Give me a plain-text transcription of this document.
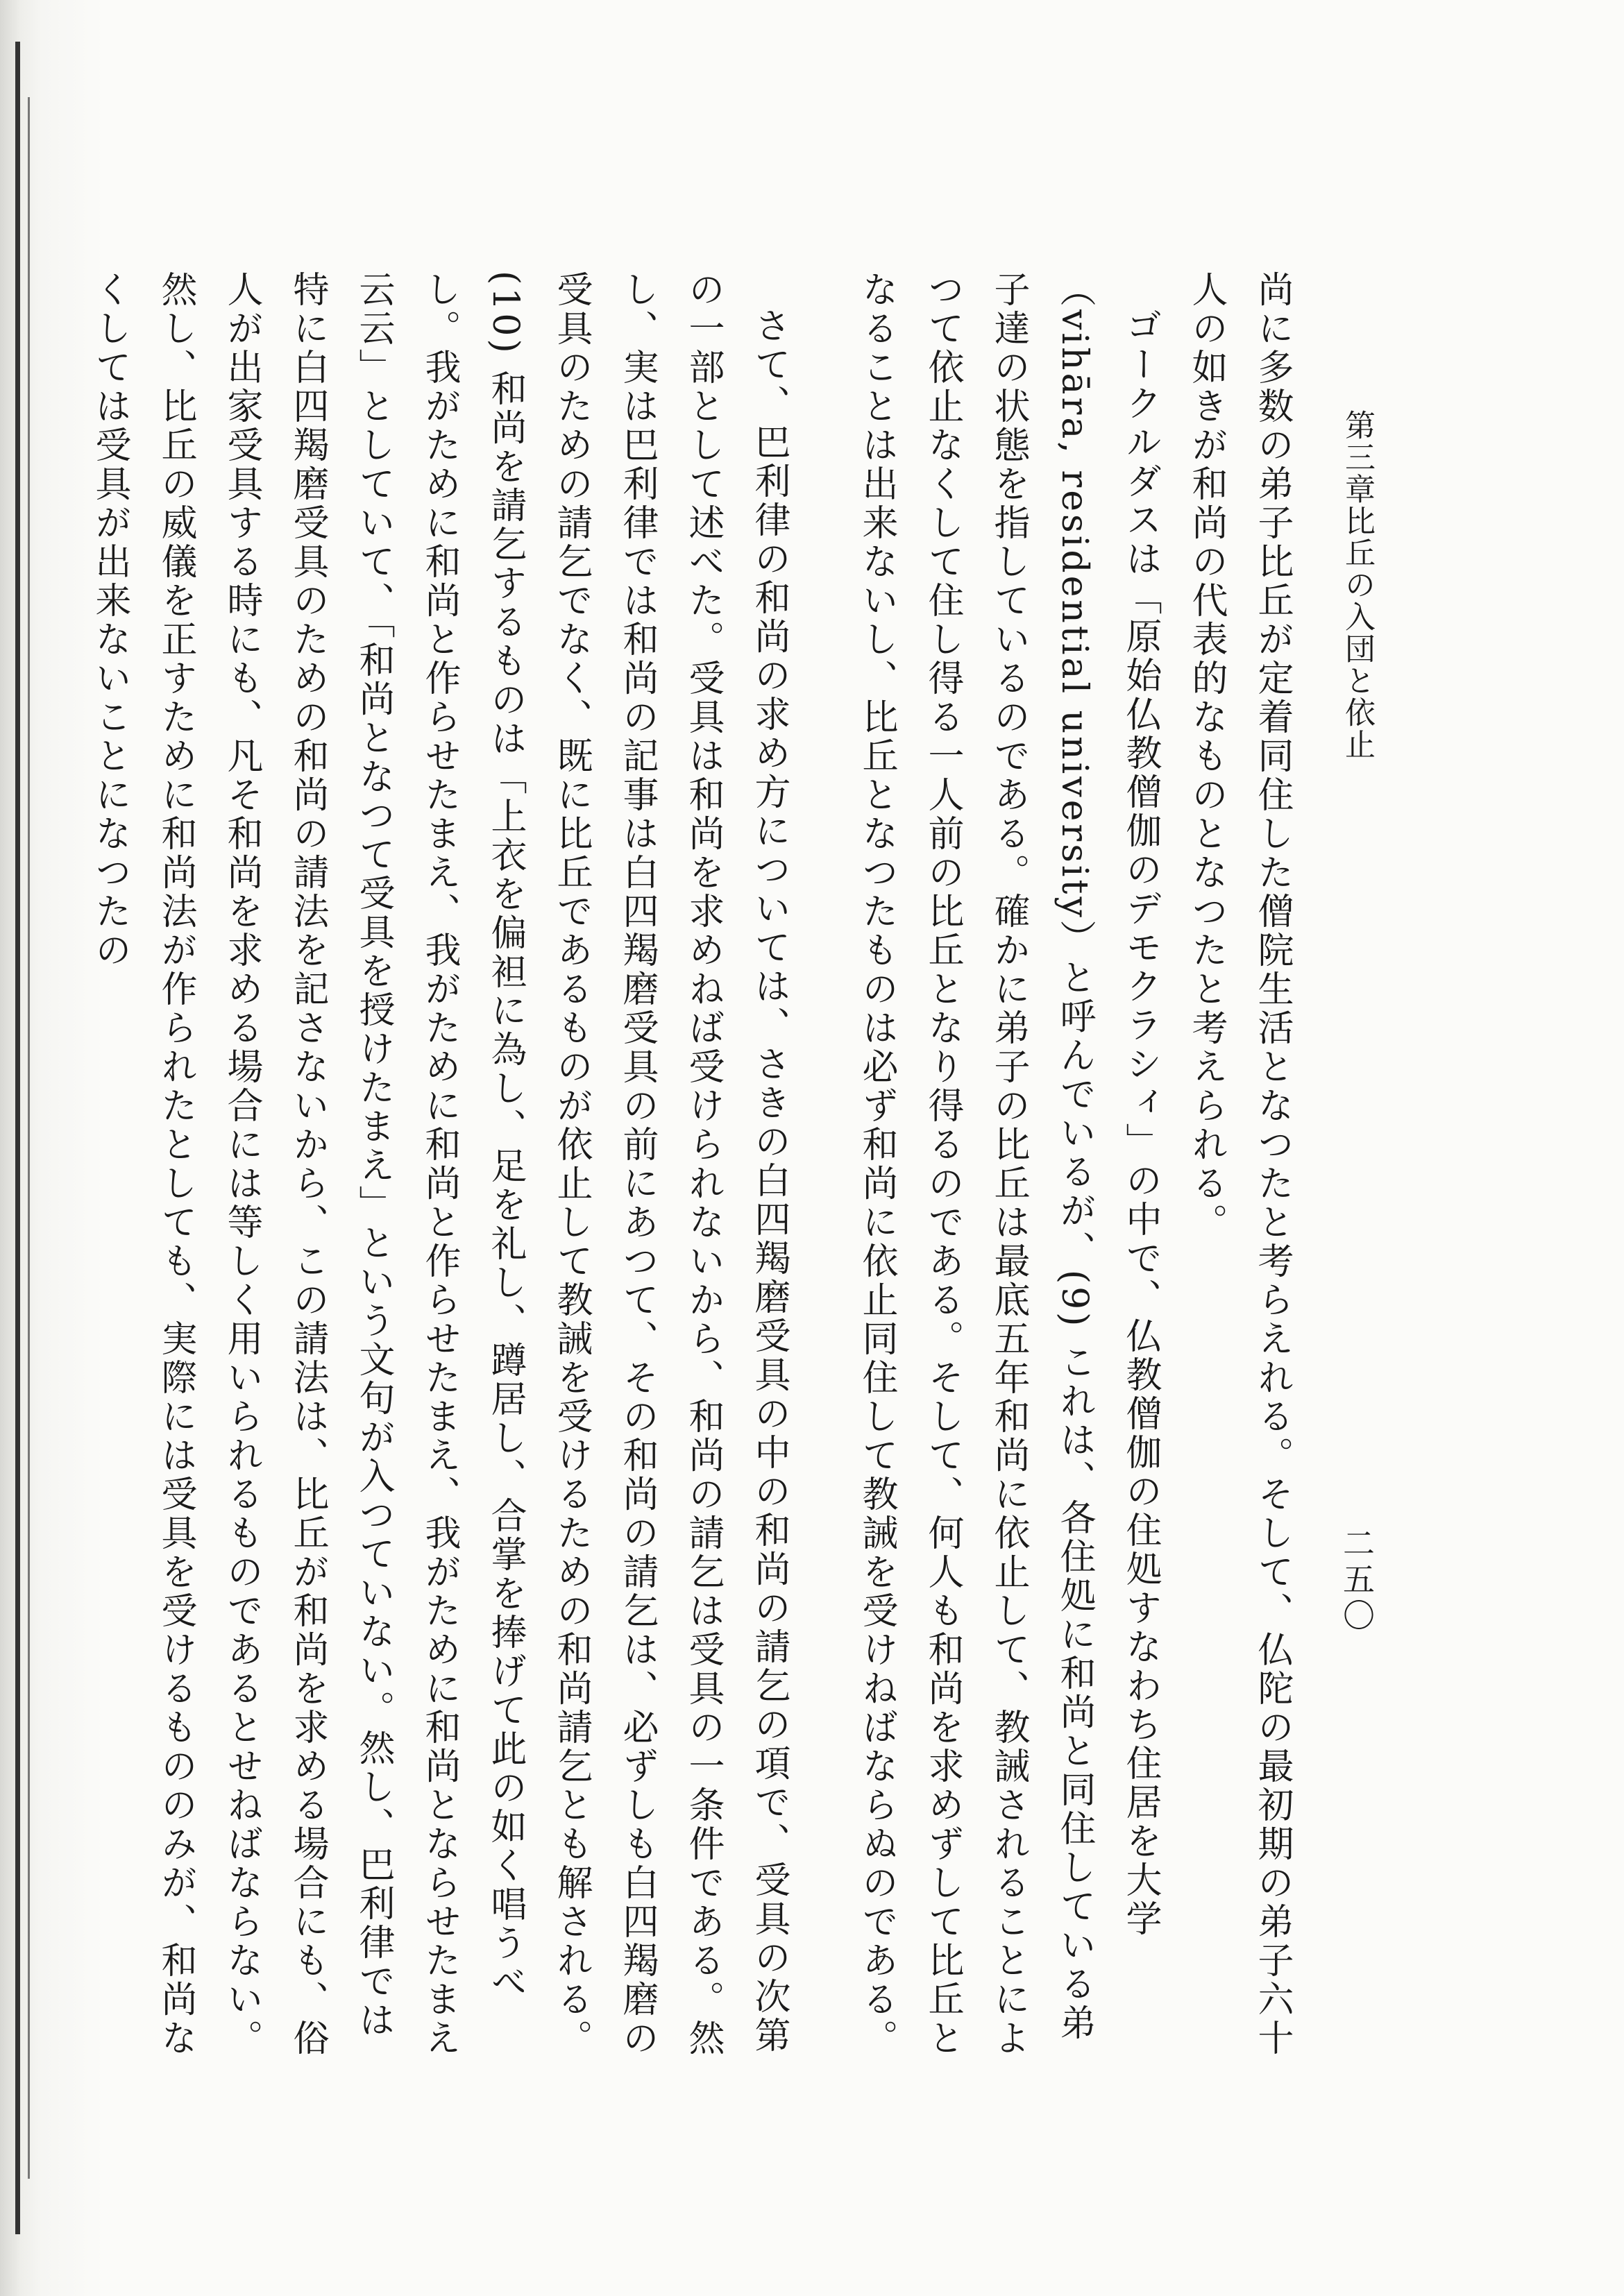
第三章比丘の入団と依止
二五〇

尚に多数の弟子比丘が定着同住した僧院生活となつたと考らえれる。そして、仏陀の最初期の弟子六十人の如きが和尚の代表的なものとなつたと考えられる。

ゴークルダスは「原始仏教僧伽のデモクラシィ」の中で、仏教僧伽の住処すなわち住居を大学（vihāra, residential university）と呼んでいるが、(9) これは、各住処に和尚と同住している弟子達の状態を指しているのである。確かに弟子の比丘は最底五年和尚に依止して、教誡されることによつて依止なくして住し得る一人前の比丘となり得るのである。そして、何人も和尚を求めずして比丘となることは出来ないし、比丘となつたものは必ず和尚に依止同住して教誡を受けねばならぬのである。

さて、巴利律の和尚の求め方については、さきの白四羯磨受具の中の和尚の請乞の項で、受具の次第の一部として述べた。受具は和尚を求めねば受けられないから、和尚の請乞は受具の一条件である。然し、実は巴利律では和尚の記事は白四羯磨受具の前にあつて、その和尚の請乞は、必ずしも白四羯磨の受具のための請乞でなく、既に比丘であるものが依止して教誡を受けるための和尚請乞とも解される。(10) 和尚を請乞するものは「上衣を偏袒に為し、足を礼し、蹲居し、合掌を捧げて此の如く唱うべし。我がために和尚と作らせたまえ、我がために和尚と作らせたまえ、我がために和尚とならせたまえ云云」としていて、「和尚となつて受具を授けたまえ」という文句が入つていない。然し、巴利律では特に白四羯磨受具のための和尚の請法を記さないから、この請法は、比丘が和尚を求める場合にも、俗人が出家受具する時にも、凡そ和尚を求める場合には等しく用いられるものであるとせねばならない。然し、比丘の威儀を正すために和尚法が作られたとしても、実際には受具を受けるもののみが、和尚なくしては受具が出来ないことになつたの
